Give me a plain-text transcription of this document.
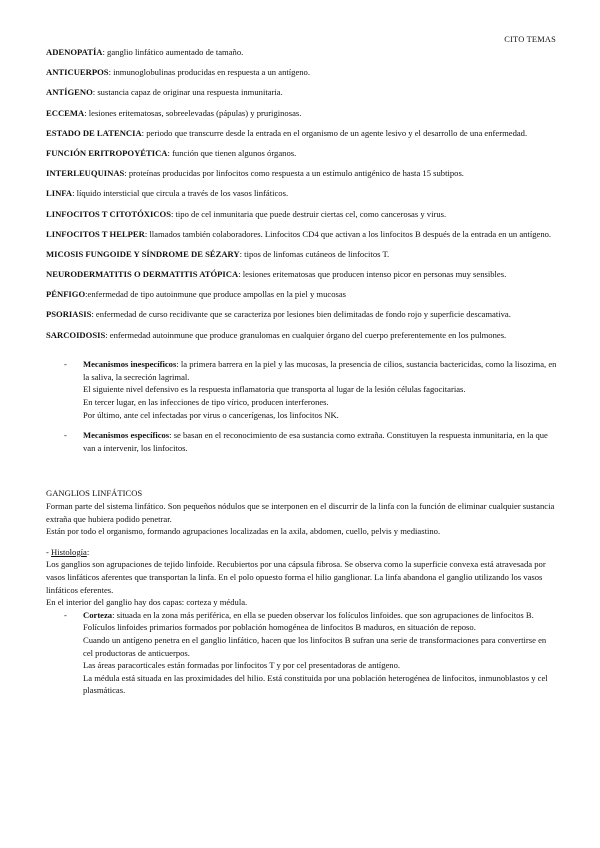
CITO TEMAS

ADENOPATÍA: ganglio linfático aumentado de tamaño.

ANTICUERPOS: inmunoglobulinas producidas en respuesta a un antígeno.

ANTÍGENO: sustancia capaz de originar una respuesta inmunitaria.

ECCEMA: lesiones eritematosas, sobreelevadas (pápulas) y pruriginosas.

ESTADO DE LATENCIA: periodo que transcurre desde la entrada en el organismo de un agente lesivo y el desarrollo de una enfermedad.

FUNCIÓN ERITROPOYÉTICA: función que tienen algunos órganos.

INTERLEUQUINAS: proteínas producidas por linfocitos como respuesta a un estímulo antigénico de hasta 15 subtipos.

LINFA: líquido intersticial que circula a través de los vasos linfáticos.

LINFOCITOS T CITOTÓXICOS: tipo de cel inmunitaria que puede destruir ciertas cel, como cancerosas y virus.

LINFOCITOS T HELPER: llamados también colaboradores. Linfocitos CD4 que activan a los linfocitos B después de la entrada en un antígeno.

MICOSIS FUNGOIDE Y SÍNDROME DE SÉZARY: tipos de linfomas cutáneos de linfocitos T.

NEURODERMATITIS O DERMATITIS ATÓPICA: lesiones eritematosas que producen intenso picor en personas muy sensibles.

PÉNFIGO:enfermedad de tipo autoinmune que produce ampollas en la piel y mucosas

PSORIASIS: enfermedad de curso recidivante que se caracteriza por lesiones bien delimitadas de fondo rojo y superficie descamativa.

SARCOIDOSIS: enfermedad autoinmune que produce granulomas en cualquier órgano del cuerpo preferentemente en los pulmones.

- Mecanismos inespecíficos: la primera barrera en la piel y las mucosas, la presencia de cilios, sustancia bactericidas, como la lisozima, en la saliva, la secreción lagrimal.
El siguiente nivel defensivo es la respuesta inflamatoria que transporta al lugar de la lesión células fagocitarias.
En tercer lugar, en las infecciones de tipo vírico, producen interferones.
Por último, ante cel infectadas por virus o cancerígenas, los linfocitos NK.
- Mecanismos específicos: se basan en el reconocimiento de esa sustancia como extraña. Constituyen la respuesta inmunitaria, en la que van a intervenir, los linfocitos.

GANGLIOS LINFÁTICOS

Forman parte del sistema linfático. Son pequeños nódulos que se interponen en el discurrir de la linfa con la función de eliminar cualquier sustancia extraña que hubiera podido penetrar.

Están por todo el organismo, formando agrupaciones localizadas en la axila, abdomen, cuello, pelvis y mediastino.

- Histología:

Los ganglios son agrupaciones de tejido linfoide. Recubiertos por una cápsula fibrosa. Se observa como la superficie convexa está atravesada por vasos linfáticos aferentes que transportan la linfa. En el polo opuesto forma el hilio ganglionar. La linfa abandona el ganglio utilizando los vasos linfáticos eferentes.

En el interior del ganglio hay dos capas: corteza y médula.

- Corteza: situada en la zona más periférica, en ella se pueden observar los folículos linfoides. que son agrupaciones de linfocitos B.
Folículos linfoides primarios formados por población homogénea de linfocitos B maduros, en situación de reposo.
Cuando un antígeno penetra en el ganglio linfático, hacen que los linfocitos B sufran una serie de transformaciones para convertirse en cel productoras de anticuerpos.
Las áreas paracorticales están formadas por linfocitos T y por cel presentadoras de antígeno.
La médula está situada en las proximidades del hilio. Está constituida por una población heterogénea de linfocitos, inmunoblastos y cel plasmáticas.
